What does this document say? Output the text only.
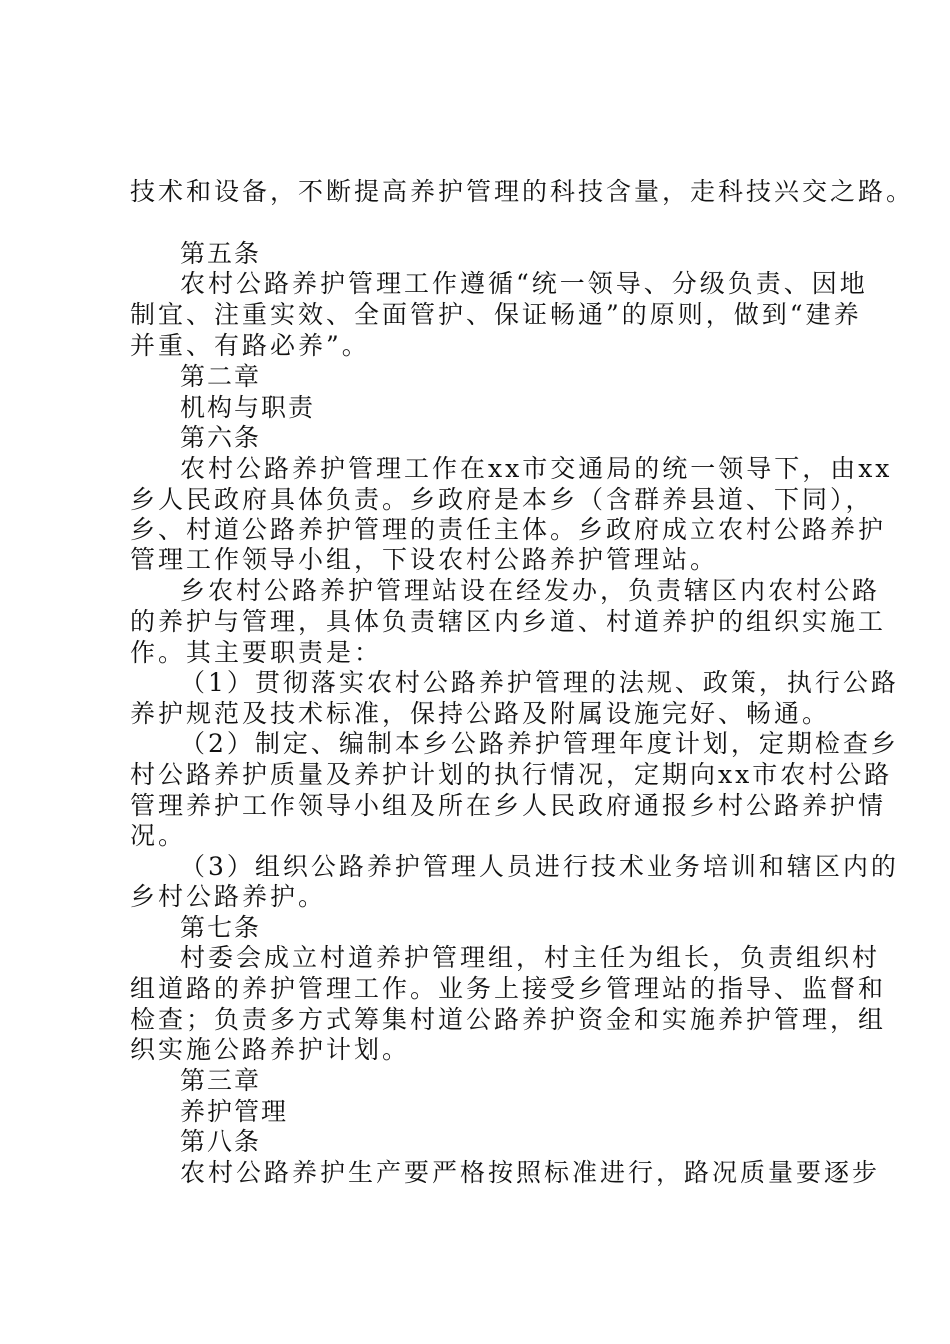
技术和设备，不断提高养护管理的科技含量，走科技兴交之路。
第五条
农村公路养护管理工作遵循“统一领导、分级负责、因地
制宜、注重实效、全面管护、保证畅通”的原则，做到“建养
并重、有路必养”。
第二章
机构与职责
第六条
农村公路养护管理工作在xx市交通局的统一领导下，由xx
乡人民政府具体负责。乡政府是本乡（含群养县道、下同），
乡、村道公路养护管理的责任主体。乡政府成立农村公路养护
管理工作领导小组，下设农村公路养护管理站。
乡农村公路养护管理站设在经发办，负责辖区内农村公路
的养护与管理，具体负责辖区内乡道、村道养护的组织实施工
作。其主要职责是：
（1）贯彻落实农村公路养护管理的法规、政策，执行公路
养护规范及技术标准，保持公路及附属设施完好、畅通。
（2）制定、编制本乡公路养护管理年度计划，定期检查乡
村公路养护质量及养护计划的执行情况，定期向xx市农村公路
管理养护工作领导小组及所在乡人民政府通报乡村公路养护情
况。
（3）组织公路养护管理人员进行技术业务培训和辖区内的
乡村公路养护。
第七条
村委会成立村道养护管理组，村主任为组长，负责组织村
组道路的养护管理工作。业务上接受乡管理站的指导、监督和
检查；负责多方式筹集村道公路养护资金和实施养护管理，组
织实施公路养护计划。
第三章
养护管理
第八条
农村公路养护生产要严格按照标准进行，路况质量要逐步
